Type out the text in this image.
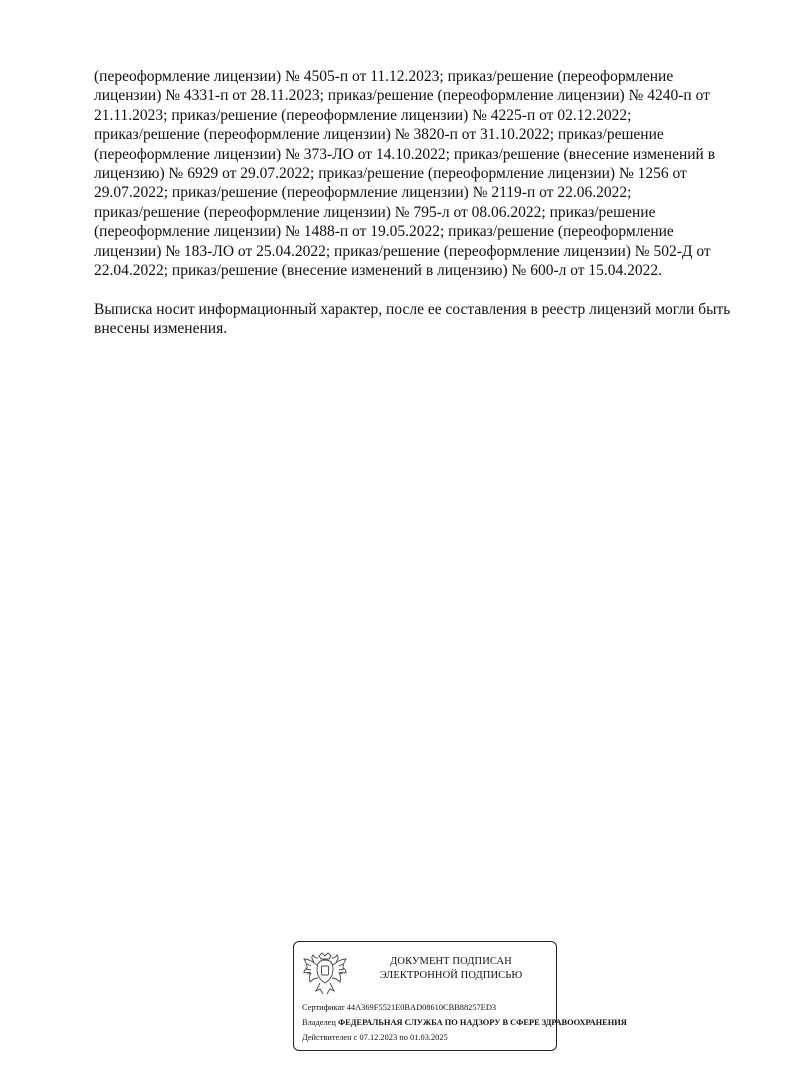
(переоформление лицензии) № 4505-п от 11.12.2023; приказ/решение (переоформление
лицензии) № 4331-п от 28.11.2023; приказ/решение (переоформление лицензии) № 4240-п от
21.11.2023; приказ/решение (переоформление лицензии) № 4225-п от 02.12.2022;
приказ/решение (переоформление лицензии) № 3820-п от 31.10.2022; приказ/решение
(переоформление лицензии) № 373-ЛО от 14.10.2022; приказ/решение (внесение изменений в
лицензию) № 6929 от 29.07.2022; приказ/решение (переоформление лицензии) № 1256 от
29.07.2022; приказ/решение (переоформление лицензии) № 2119-п от 22.06.2022;
приказ/решение (переоформление лицензии) № 795-л от 08.06.2022; приказ/решение
(переоформление лицензии) № 1488-п от 19.05.2022; приказ/решение (переоформление
лицензии) № 183-ЛО от 25.04.2022; приказ/решение (переоформление лицензии) № 502-Д от
22.04.2022; приказ/решение (внесение изменений в лицензию) № 600-л от 15.04.2022.
Выписка носит информационный характер, после ее составления в реестр лицензий могли быть
внесены изменения.
ДОКУМЕНТ ПОДПИСАН
ЭЛЕКТРОННОЙ ПОДПИСЬЮ
Сертификат 44A369F5521E0BAD08610CBB88257ED3
Владелец ФЕДЕРАЛЬНАЯ СЛУЖБА ПО НАДЗОРУ В СФЕРЕ ЗДРАВООХРАНЕНИЯ
Действителен с 07.12.2023 по 01.03.2025
